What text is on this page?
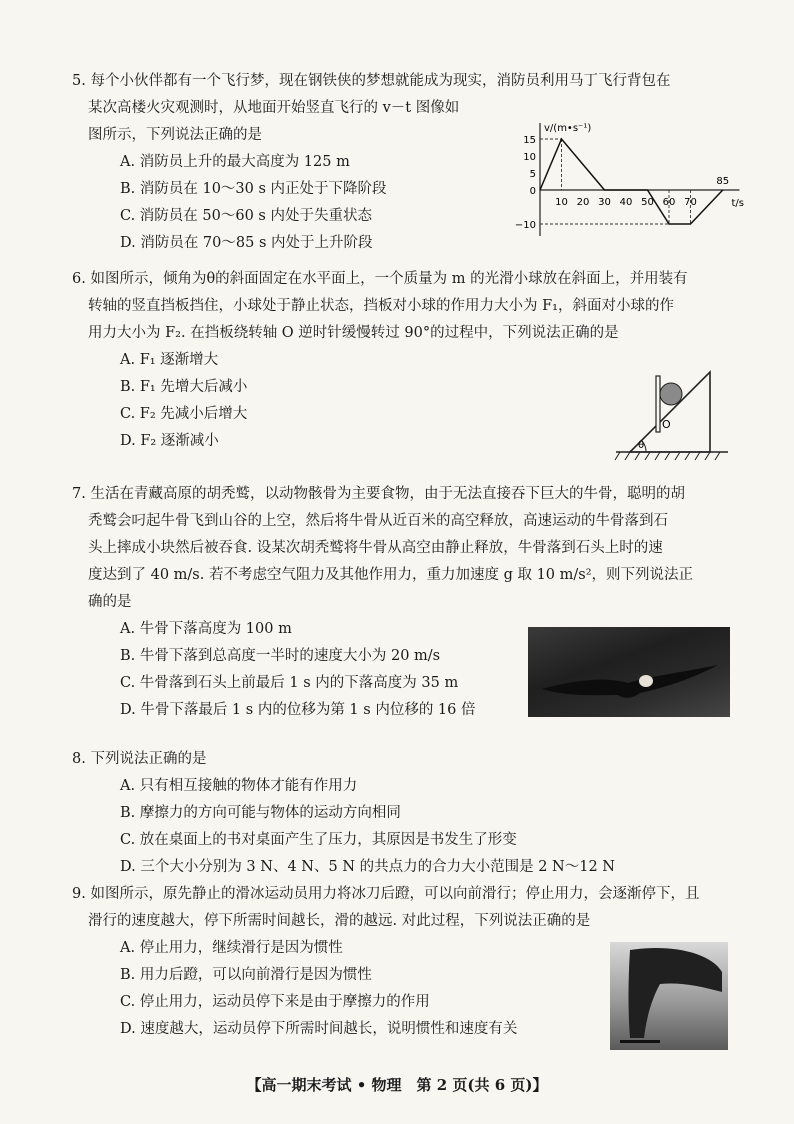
5. 每个小伙伴都有一个飞行梦，现在钢铁侠的梦想就能成为现实，消防员利用马丁飞行背包在

某次高楼火灾观测时，从地面开始竖直飞行的 v－t 图像如

图所示，下列说法正确的是

A. 消防员上升的最大高度为 125 m

B. 消防员在 10～30 s 内正处于下降阶段

C. 消防员在 50～60 s 内处于失重状态

D. 消防员在 70～85 s 内处于上升阶段

v/(m•s⁻¹)
t/s
15
10
5
0
−10
10 20 30 40 50 60 70
85

6. 如图所示，倾角为θ的斜面固定在水平面上，一个质量为 m 的光滑小球放在斜面上，并用装有

转轴的竖直挡板挡住，小球处于静止状态，挡板对小球的作用力大小为 F₁，斜面对小球的作

用力大小为 F₂. 在挡板绕转轴 O 逆时针缓慢转过 90°的过程中，下列说法正确的是

A. F₁ 逐渐增大

B. F₁ 先增大后减小

C. F₂ 先减小后增大

D. F₂ 逐渐减小	θ
O

7. 生活在青藏高原的胡秃鹫，以动物骸骨为主要食物，由于无法直接吞下巨大的牛骨，聪明的胡

秃鹫会叼起牛骨飞到山谷的上空，然后将牛骨从近百米的高空释放，高速运动的牛骨落到石

头上摔成小块然后被吞食. 设某次胡秃鹫将牛骨从高空由静止释放，牛骨落到石头上时的速

度达到了 40 m/s. 若不考虑空气阻力及其他作用力，重力加速度 g 取 10 m/s²，则下列说法正

确的是

A. 牛骨下落高度为 100 m

B. 牛骨下落到总高度一半时的速度大小为 20 m/s

C. 牛骨落到石头上前最后 1 s 内的下落高度为 35 m

D. 牛骨下落最后 1 s 内的位移为第 1 s 内位移的 16 倍

8. 下列说法正确的是

A. 只有相互接触的物体才能有作用力

B. 摩擦力的方向可能与物体的运动方向相同

C. 放在桌面上的书对桌面产生了压力，其原因是书发生了形变

D. 三个大小分别为 3 N、4 N、5 N 的共点力的合力大小范围是 2 N～12 N

9. 如图所示，原先静止的滑冰运动员用力将冰刀后蹬，可以向前滑行；停止用力，会逐渐停下，且

滑行的速度越大，停下所需时间越长，滑的越远. 对此过程，下列说法正确的是

A. 停止用力，继续滑行是因为惯性

B. 用力后蹬，可以向前滑行是因为惯性

C. 停止用力，运动员停下来是由于摩擦力的作用

D. 速度越大，运动员停下所需时间越长，说明惯性和速度有关

【高一期末考试 • 物理　第 2 页(共 6 页)】
